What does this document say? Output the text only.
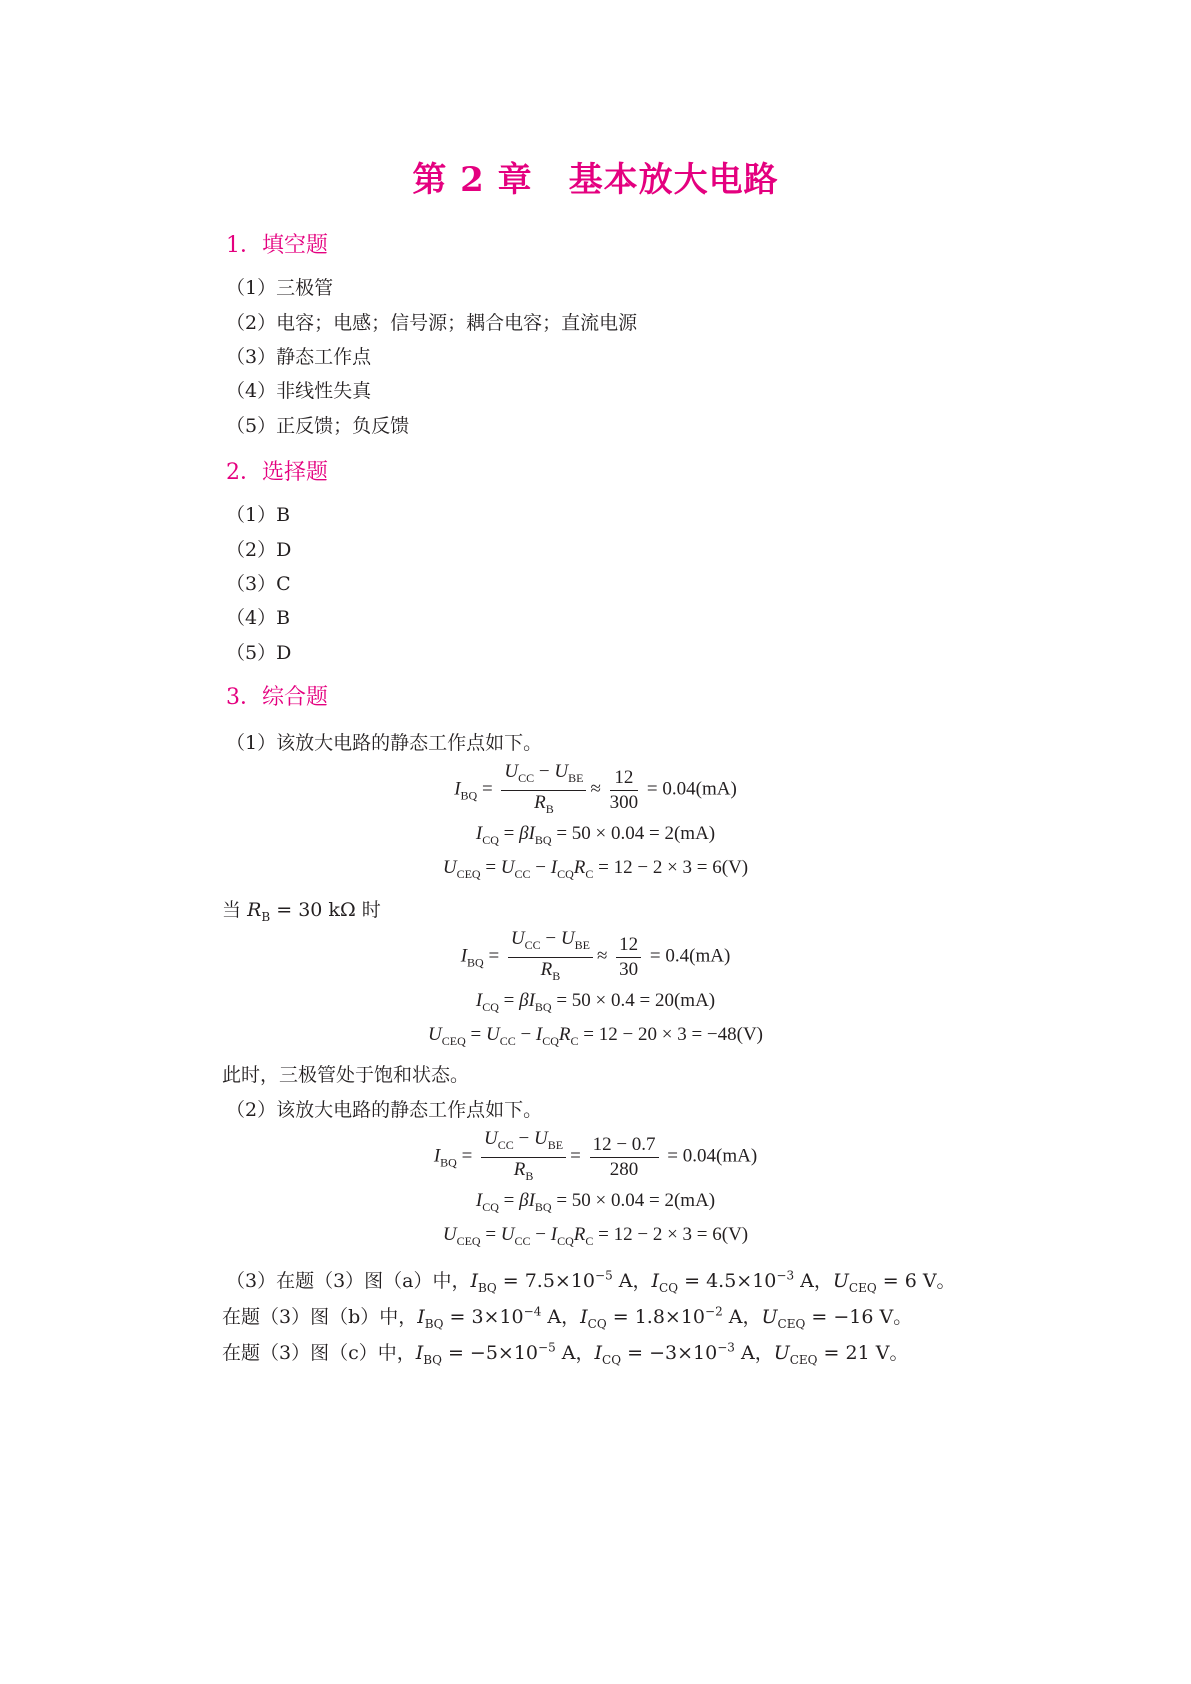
第 2 章 基本放大电路
1．填空题
（1）三极管
（2）电容；电感；信号源；耦合电容；直流电源
（3）静态工作点
（4）非线性失真
（5）正反馈；负反馈
2．选择题
（1）B
（2）D
（3）C
（4）B
（5）D
3．综合题
（1）该放大电路的静态工作点如下。
$I_{BQ} = \frac{U_{CC} - U_{BE}}{R_B} \approx \frac{12}{300} = 0.04(mA)$
$I_{CQ} = \beta I_{BQ} = 50 \times 0.04 = 2(mA)$
$U_{CEQ} = U_{CC} - I_{CQ}R_C = 12 - 2 \times 3 = 6(V)$
当 $R_B = 30$ kΩ 时
$I_{BQ} = \frac{U_{CC} - U_{BE}}{R_B} \approx \frac{12}{30} = 0.4(mA)$
$I_{CQ} = \beta I_{BQ} = 50 \times 0.4 = 20(mA)$
$U_{CEQ} = U_{CC} - I_{CQ}R_C = 12 - 20 \times 3 = -48(V)$
此时，三极管处于饱和状态。
（2）该放大电路的静态工作点如下。
$I_{BQ} = \frac{U_{CC} - U_{BE}}{R_B} = \frac{12 - 0.7}{280} = 0.04(mA)$
$I_{CQ} = \beta I_{BQ} = 50 \times 0.04 = 2(mA)$
$U_{CEQ} = U_{CC} - I_{CQ}R_C = 12 - 2 \times 3 = 6(V)$
（3）在题（3）图（a）中，$I_{BQ} = 7.5\times 10^{-5}$ A，$I_{CQ} = 4.5\times 10^{-3}$ A，$U_{CEQ} = 6$ V。
在题（3）图（b）中，$I_{BQ} = 3\times 10^{-4}$ A，$I_{CQ} = 1.8\times 10^{-2}$ A，$U_{CEQ} = -16$ V。
在题（3）图（c）中，$I_{BQ} = -5\times 10^{-5}$ A，$I_{CQ} = -3\times 10^{-3}$ A，$U_{CEQ} = 21$ V。
